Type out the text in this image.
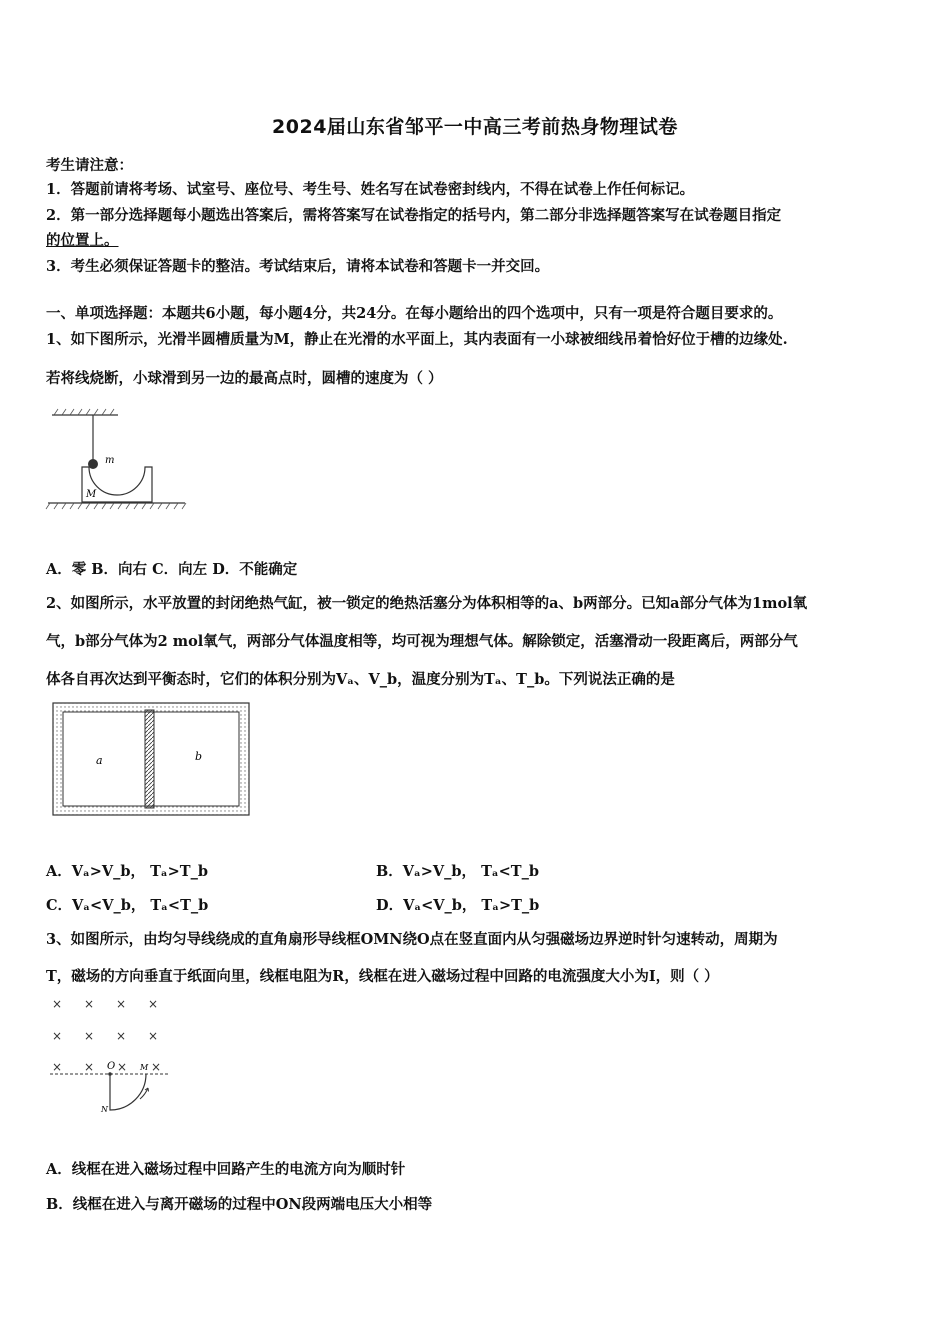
2024届山东省邹平一中高三考前热身物理试卷
考生请注意：
1．答题前请将考场、试室号、座位号、考生号、姓名写在试卷密封线内，不得在试卷上作任何标记。
2．第一部分选择题每小题选出答案后，需将答案写在试卷指定的括号内，第二部分非选择题答案写在试卷题目指定
的位置上。
3．考生必须保证答题卡的整洁。考试结束后，请将本试卷和答题卡一并交回。
一、单项选择题：本题共6小题，每小题4分，共24分。在每小题给出的四个选项中，只有一项是符合题目要求的。
1、如下图所示，光滑半圆槽质量为M，静止在光滑的水平面上，其内表面有一小球被细线吊着恰好位于槽的边缘处.
若将线烧断，小球滑到另一边的最高点时，圆槽的速度为（ ）
m
M
A．零 B．向右 C．向左 D．不能确定
2、如图所示，水平放置的封闭绝热气缸，被一锁定的绝热活塞分为体积相等的a、b两部分。已知a部分气体为1mol氧
气，b部分气体为2 mol氧气，两部分气体温度相等，均可视为理想气体。解除锁定，活塞滑动一段距离后，两部分气
体各自再次达到平衡态时，它们的体积分别为Vₐ、V_b，温度分别为Tₐ、T_b。下列说法正确的是
a	b
A．Vₐ>V_b， Tₐ>T_b	B．Vₐ>V_b， Tₐ<T_b
C．Vₐ<V_b， Tₐ<T_b	D．Vₐ<V_b， Tₐ>T_b
3、如图所示，由均匀导线绕成的直角扇形导线框OMN绕O点在竖直面内从匀强磁场边界逆时针匀速转动，周期为
T，磁场的方向垂直于纸面向里，线框电阻为R，线框在进入磁场过程中回路的电流强度大小为I，则（ ）
× × × ×
× × × ×
× × × ×
O	M
N
A．线框在进入磁场过程中回路产生的电流方向为顺时针
B．线框在进入与离开磁场的过程中ON段两端电压大小相等
